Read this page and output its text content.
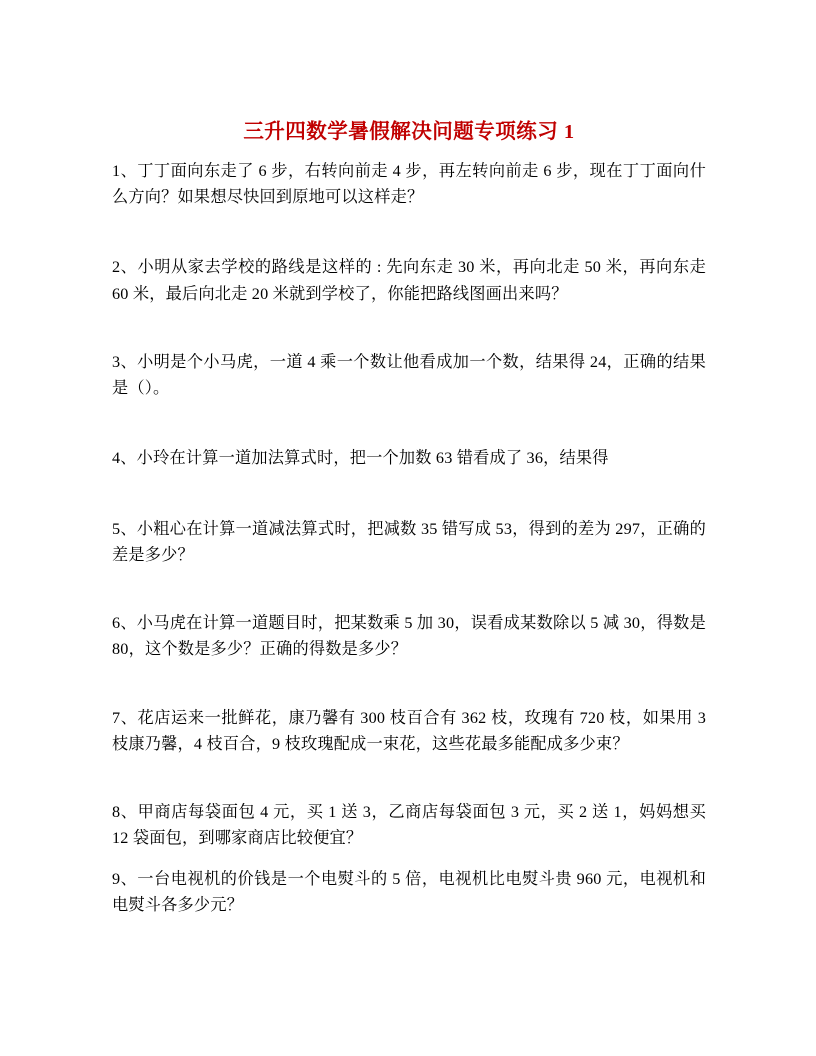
三升四数学暑假解决问题专项练习 1

1、丁丁面向东走了 6 步，右转向前走 4 步，再左转向前走 6 步，现在丁丁面向什么方向？如果想尽快回到原地可以这样走？

2、小明从家去学校的路线是这样的 : 先向东走 30 米，再向北走 50 米，再向东走 60 米，最后向北走 20 米就到学校了，你能把路线图画出来吗？

3、小明是个小马虎，一道 4 乘一个数让他看成加一个数，结果得 24，正确的结果是（）。

4、小玲在计算一道加法算式时，把一个加数 63 错看成了 36，结果得

5、小粗心在计算一道减法算式时，把减数 35 错写成 53，得到的差为 297，正确的差是多少？

6、小马虎在计算一道题目时，把某数乘 5 加 30，误看成某数除以 5 减 30，得数是 80，这个数是多少？正确的得数是多少？

7、花店运来一批鲜花，康乃馨有 300 枝百合有 362 枝，玫瑰有 720 枝，如果用 3 枝康乃馨，4 枝百合，9 枝玫瑰配成一束花，这些花最多能配成多少束？

8、甲商店每袋面包 4 元，买 1 送 3，乙商店每袋面包 3 元，买 2 送 1，妈妈想买 12 袋面包，到哪家商店比较便宜？

9、一台电视机的价钱是一个电熨斗的 5 倍，电视机比电熨斗贵 960 元，电视机和电熨斗各多少元？
